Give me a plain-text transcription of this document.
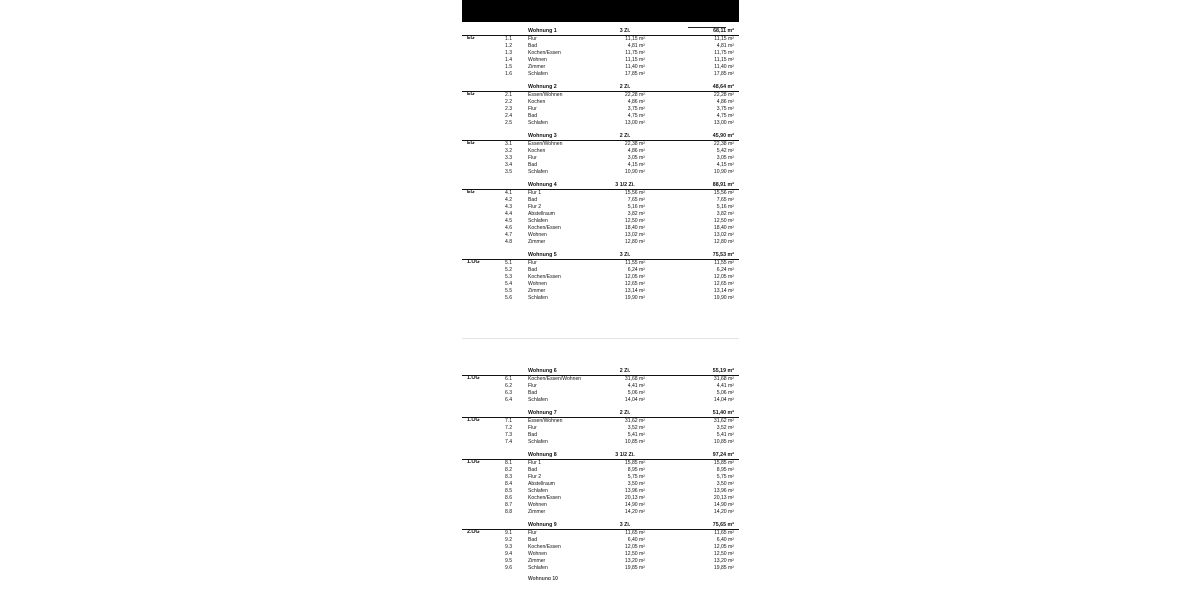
Wohnung 1	3 Zi.	68,11 m²
EG	1.1	Flur	11,15 m²	11,15 m²
1.2	Bad	4,81 m²	4,81 m²
1.3	Kochen/Essen	11,75 m²	11,75 m²
1.4	Wohnen	11,15 m²	11,15 m²
1.5	Zimmer	11,40 m²	11,40 m²
1.6	Schlafen	17,85 m²	17,85 m²
Wohnung 2	2 Zi.	48,64 m²
EG	2.1	Essen/Wohnen	22,28 m²	22,28 m²
2.2	Kochen	4,86 m²	4,86 m²
2.3	Flur	3,75 m²	3,75 m²
2.4	Bad	4,75 m²	4,75 m²
2.5	Schlafen	13,00 m²	13,00 m²
Wohnung 3	2 Zi.	45,90 m²
EG	3.1	Essen/Wohnen	22,38 m²	22,38 m²
3.2	Kochen	4,86 m²	5,42 m²
3.3	Flur	3,05 m²	3,05 m²
3.4	Bad	4,15 m²	4,15 m²
3.5	Schlafen	10,90 m²	10,90 m²
Wohnung 4	3 1/2 Zi.	88,91 m²
EG	4.1	Flur 1	15,56 m²	15,56 m²
4.2	Bad	7,65 m²	7,65 m²
4.3	Flur 2	5,16 m²	5,16 m²
4.4	Abstellraum	3,82 m²	3,82 m²
4.5	Schlafen	12,50 m²	12,50 m²
4.6	Kochen/Essen	18,40 m²	18,40 m²
4.7	Wohnen	13,02 m²	13,02 m²
4.8	Zimmer	12,80 m²	12,80 m²
Wohnung 5	3 Zi.	75,53 m²
1.OG	5.1	Flur	11,55 m²	11,55 m²
5.2	Bad	6,24 m²	6,24 m²
5.3	Kochen/Essen	12,05 m²	12,05 m²
5.4	Wohnen	12,65 m²	12,65 m²
5.5	Zimmer	13,14 m²	13,14 m²
5.6	Schlafen	19,90 m²	19,90 m²
Wohnung 6	2 Zi.	55,19 m²
1.OG	6.1	Kochen/Essen/Wohnen	31,68 m²	31,68 m²
6.2	Flur	4,41 m²	4,41 m²
6.3	Bad	5,06 m²	5,06 m²
6.4	Schlafen	14,04 m²	14,04 m²
Wohnung 7	2 Zi.	51,40 m²
1.OG	7.1	Essen/Wohnen	31,62 m²	31,62 m²
7.2	Flur	3,52 m²	3,52 m²
7.3	Bad	5,41 m²	5,41 m²
7.4	Schlafen	10,85 m²	10,85 m²
Wohnung 8	3 1/2 Zi.	97,24 m²
1.OG	8.1	Flur 1	15,85 m²	15,85 m²
8.2	Bad	8,95 m²	8,95 m²
8.3	Flur 2	5,75 m²	5,75 m²
8.4	Abstellraum	3,50 m²	3,50 m²
8.5	Schlafen	13,96 m²	13,96 m²
8.6	Kochen/Essen	20,13 m²	20,13 m²
8.7	Wohnen	14,90 m²	14,90 m²
8.8	Zimmer	14,20 m²	14,20 m²
Wohnung 9	3 Zi.	75,65 m²
2.OG	9.1	Flur	11,65 m²	11,65 m²
9.2	Bad	6,40 m²	6,40 m²
9.3	Kochen/Essen	12,05 m²	12,05 m²
9.4	Wohnen	12,50 m²	12,50 m²
9.5	Zimmer	13,20 m²	13,20 m²
9.6	Schlafen	19,85 m²	19,85 m²
Wohnung 10
